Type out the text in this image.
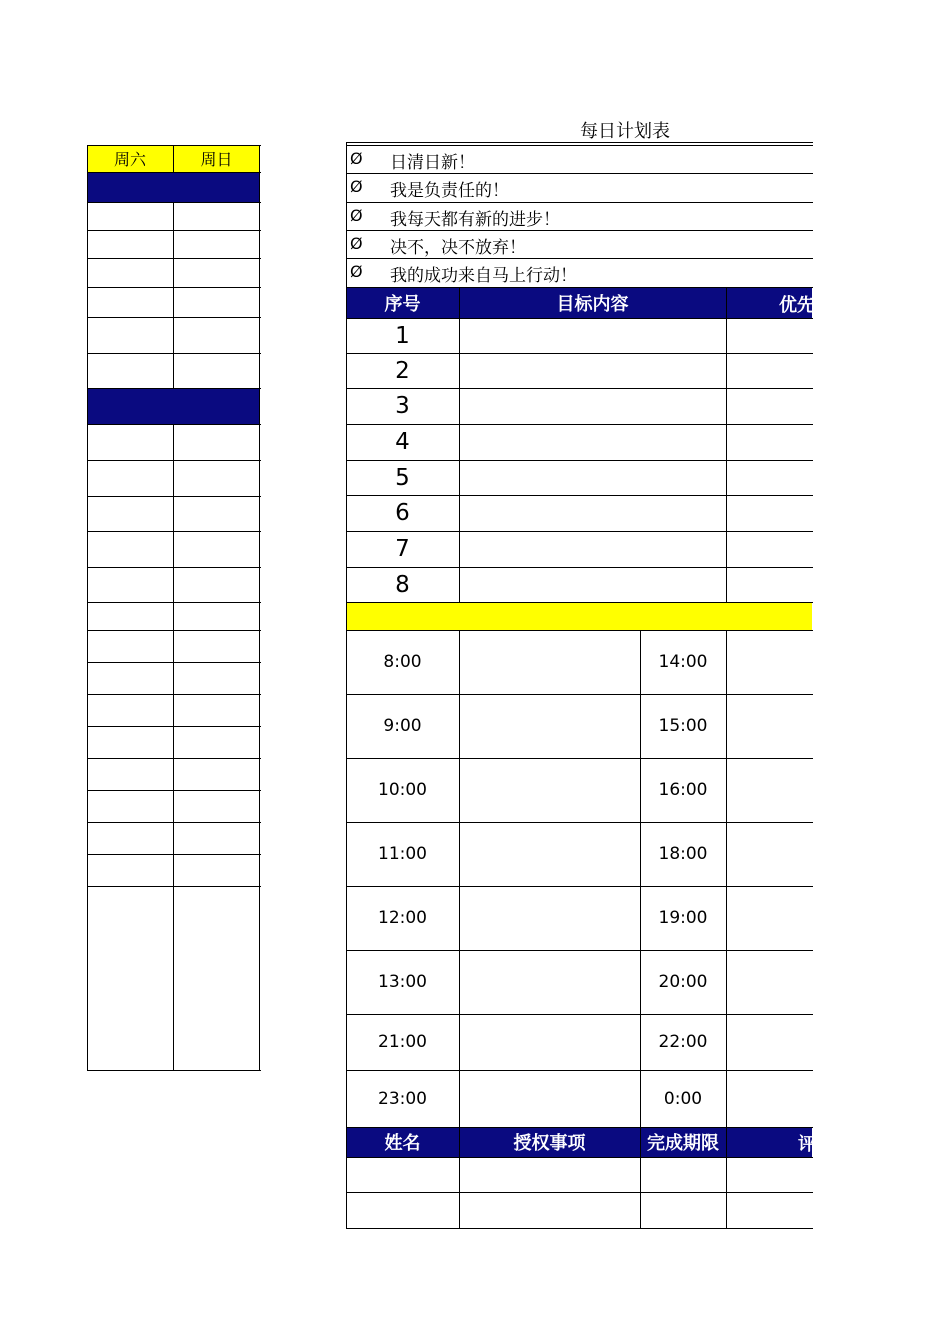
每日计划表
周六	周日	Ø 日清日新！
Ø 我是负责任的！
Ø 我每天都有新的进步！
Ø 决不，决不放弃！
Ø 我的成功来自马上行动！
序号	目标内容	优先
1
2
3
4
5
6
7
8
8:00	14:00
9:00	15:00
10:00	16:00
11:00	18:00
12:00	19:00
13:00	20:00
21:00	22:00
23:00	0:00
姓名	授权事项	完成期限	评
